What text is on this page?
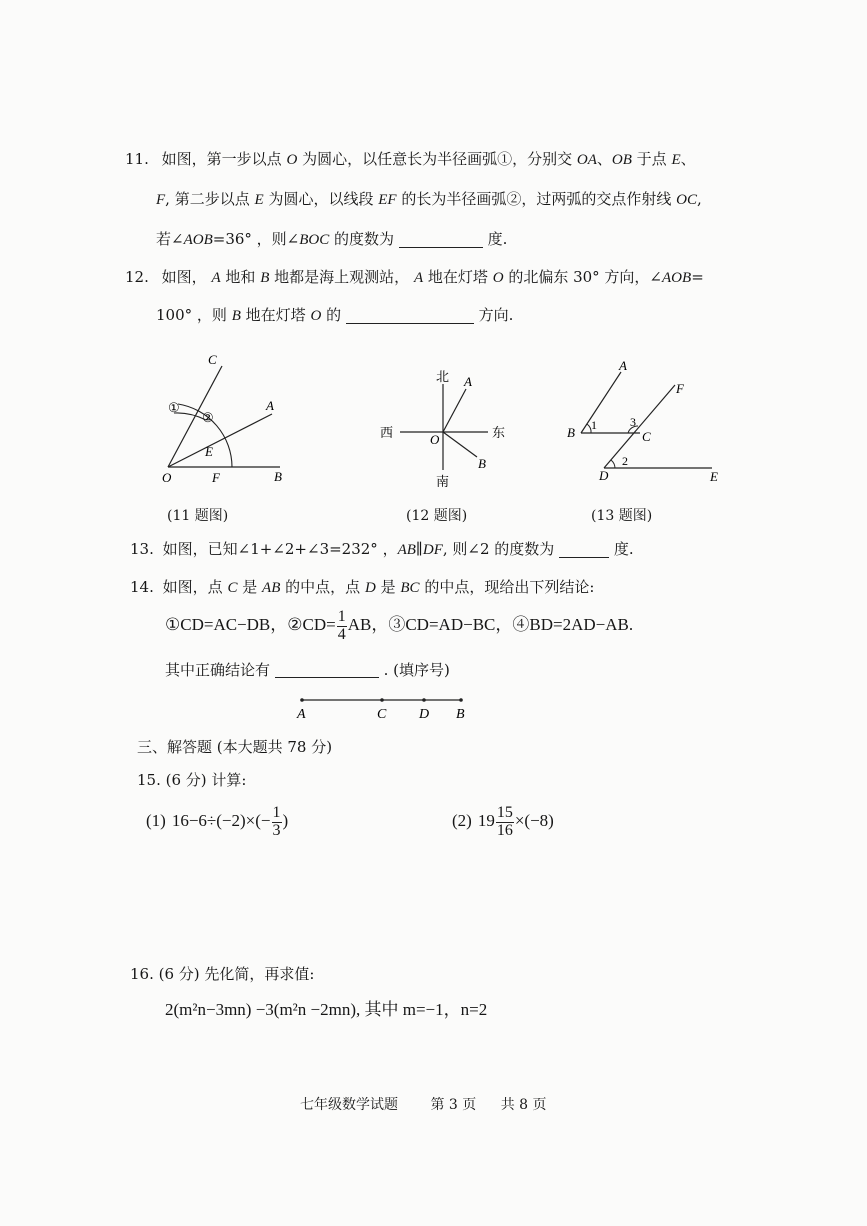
11. 如图，第一步以点 O 为圆心，以任意长为半径画弧①，分别交 OA、OB 于点 E、
F, 第二步以点 E 为圆心，以线段 EF 的长为半径画弧②，过两弧的交点作射线 OC,
若∠AOB=36° ，则∠BOC 的度数为	度.
12. 如图， A 地和 B 地都是海上观测站， A 地在灯塔 O 的北偏东 30° 方向，∠AOB=
100° ，则 B 地在灯塔 O 的	方向.
C
A
①
②
E
O	F	B
(11 题图)
北 A
西	O	东
B
南
(12 题图)
A
F
1	3
B	C
2
D	E
(13 题图)
13. 如图，已知∠1+∠2+∠3=232° ，AB∥DF, 则∠2 的度数为	度.
14. 如图，点 C 是 AB 的中点，点 D 是 BC 的中点，现给出下列结论:
①CD=AC−DB，②CD= $\frac{1}{4}$ AB，③CD=AD−BC，④BD=2AD−AB.
其中正确结论有	. (填序号)
A	C D B
三、解答题 (本大题共 78 分)
15. (6 分) 计算:
(1) $16-6\div(-2)\times(- \frac{1}{3}$ )	(2) $19 \frac{15}{16} \times(-8)$
16. (6 分) 先化简，再求值:
2(m²n−3mn) −3(m²n −2mn), 其中 m=−1，n=2
七年级数学试题 第 3 页 共 8 页
